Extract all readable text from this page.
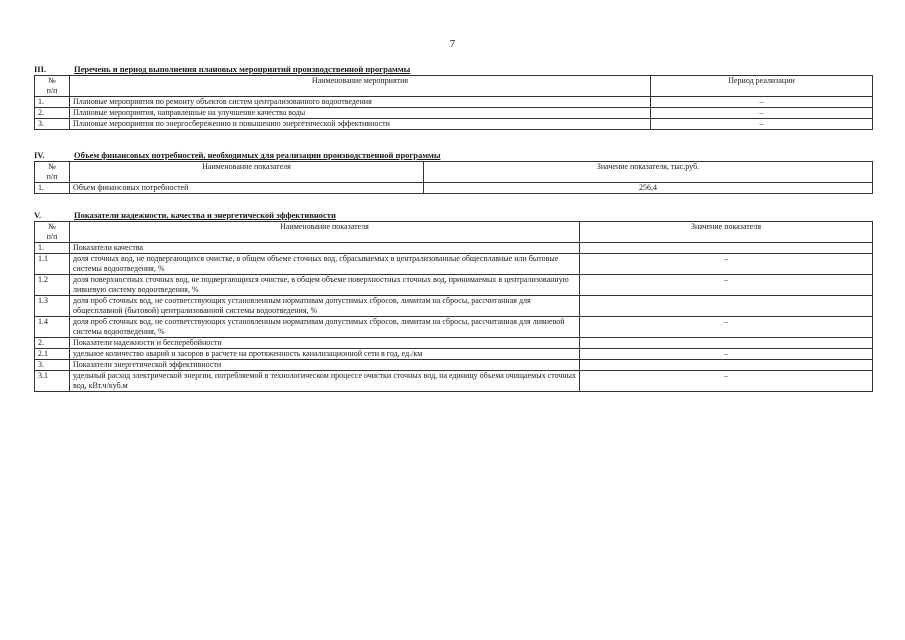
7
III.	Перечень и период выполнения плановых мероприятий производственной программы
№
п/п	Наименование мероприятия	Период реализации
1.	Плановые мероприятия по ремонту объектов систем централизованного водоотведения	–
2.	Плановые мероприятия, направленные на улучшение качества воды	–
3.	Плановые мероприятия по энергосбережению и повышению энергетической эффективности	–
IV.	Объем финансовых потребностей, необходимых для реализации производственной программы
№
п/п	Наименование показателя	Значение показателя, тыс.руб.
1.	Объем финансовых потребностей	256,4
V.	Показатели надежности, качества и энергетической эффективности
№
п/п	Наименование показателя	Значение показателя
1.	Показатели качества	
1.1	доля сточных вод, не подвергающихся очистке, в общем объеме сточных вод, сбрасываемых в централизованные общесплавные или бытовые системы водоотведения, %	–
1.2	доля поверхностных сточных вод, не подвергающихся очистке, в общем объеме поверхностных сточных вод, принимаемых в централизованную ливневую систему водоотведения, %	–
1.3	доля проб сточных вод, не соответствующих установленным нормативам допустимых сбросов, лимитам на сбросы, рассчитанная для общесплавной (бытовой) централизованной системы водоотведения, %	
1.4	доля проб сточных вод, не соответствующих установленным нормативам допустимых сбросов, лимитам на сбросы, рассчитанная для ливневой системы водоотведения, %	–
2.	Показатели надежности и бесперебойности	
2.1	удельное количество аварий и засоров в расчете на протяженность канализационной сети в год, ед./км	–
3.	Показатели энергетической эффективности	
3.1	удельный расход электрической энергии, потребляемой в технологическом процессе очистки сточных вод, на единицу объема очищаемых сточных вод, кВт.ч/куб.м	–
